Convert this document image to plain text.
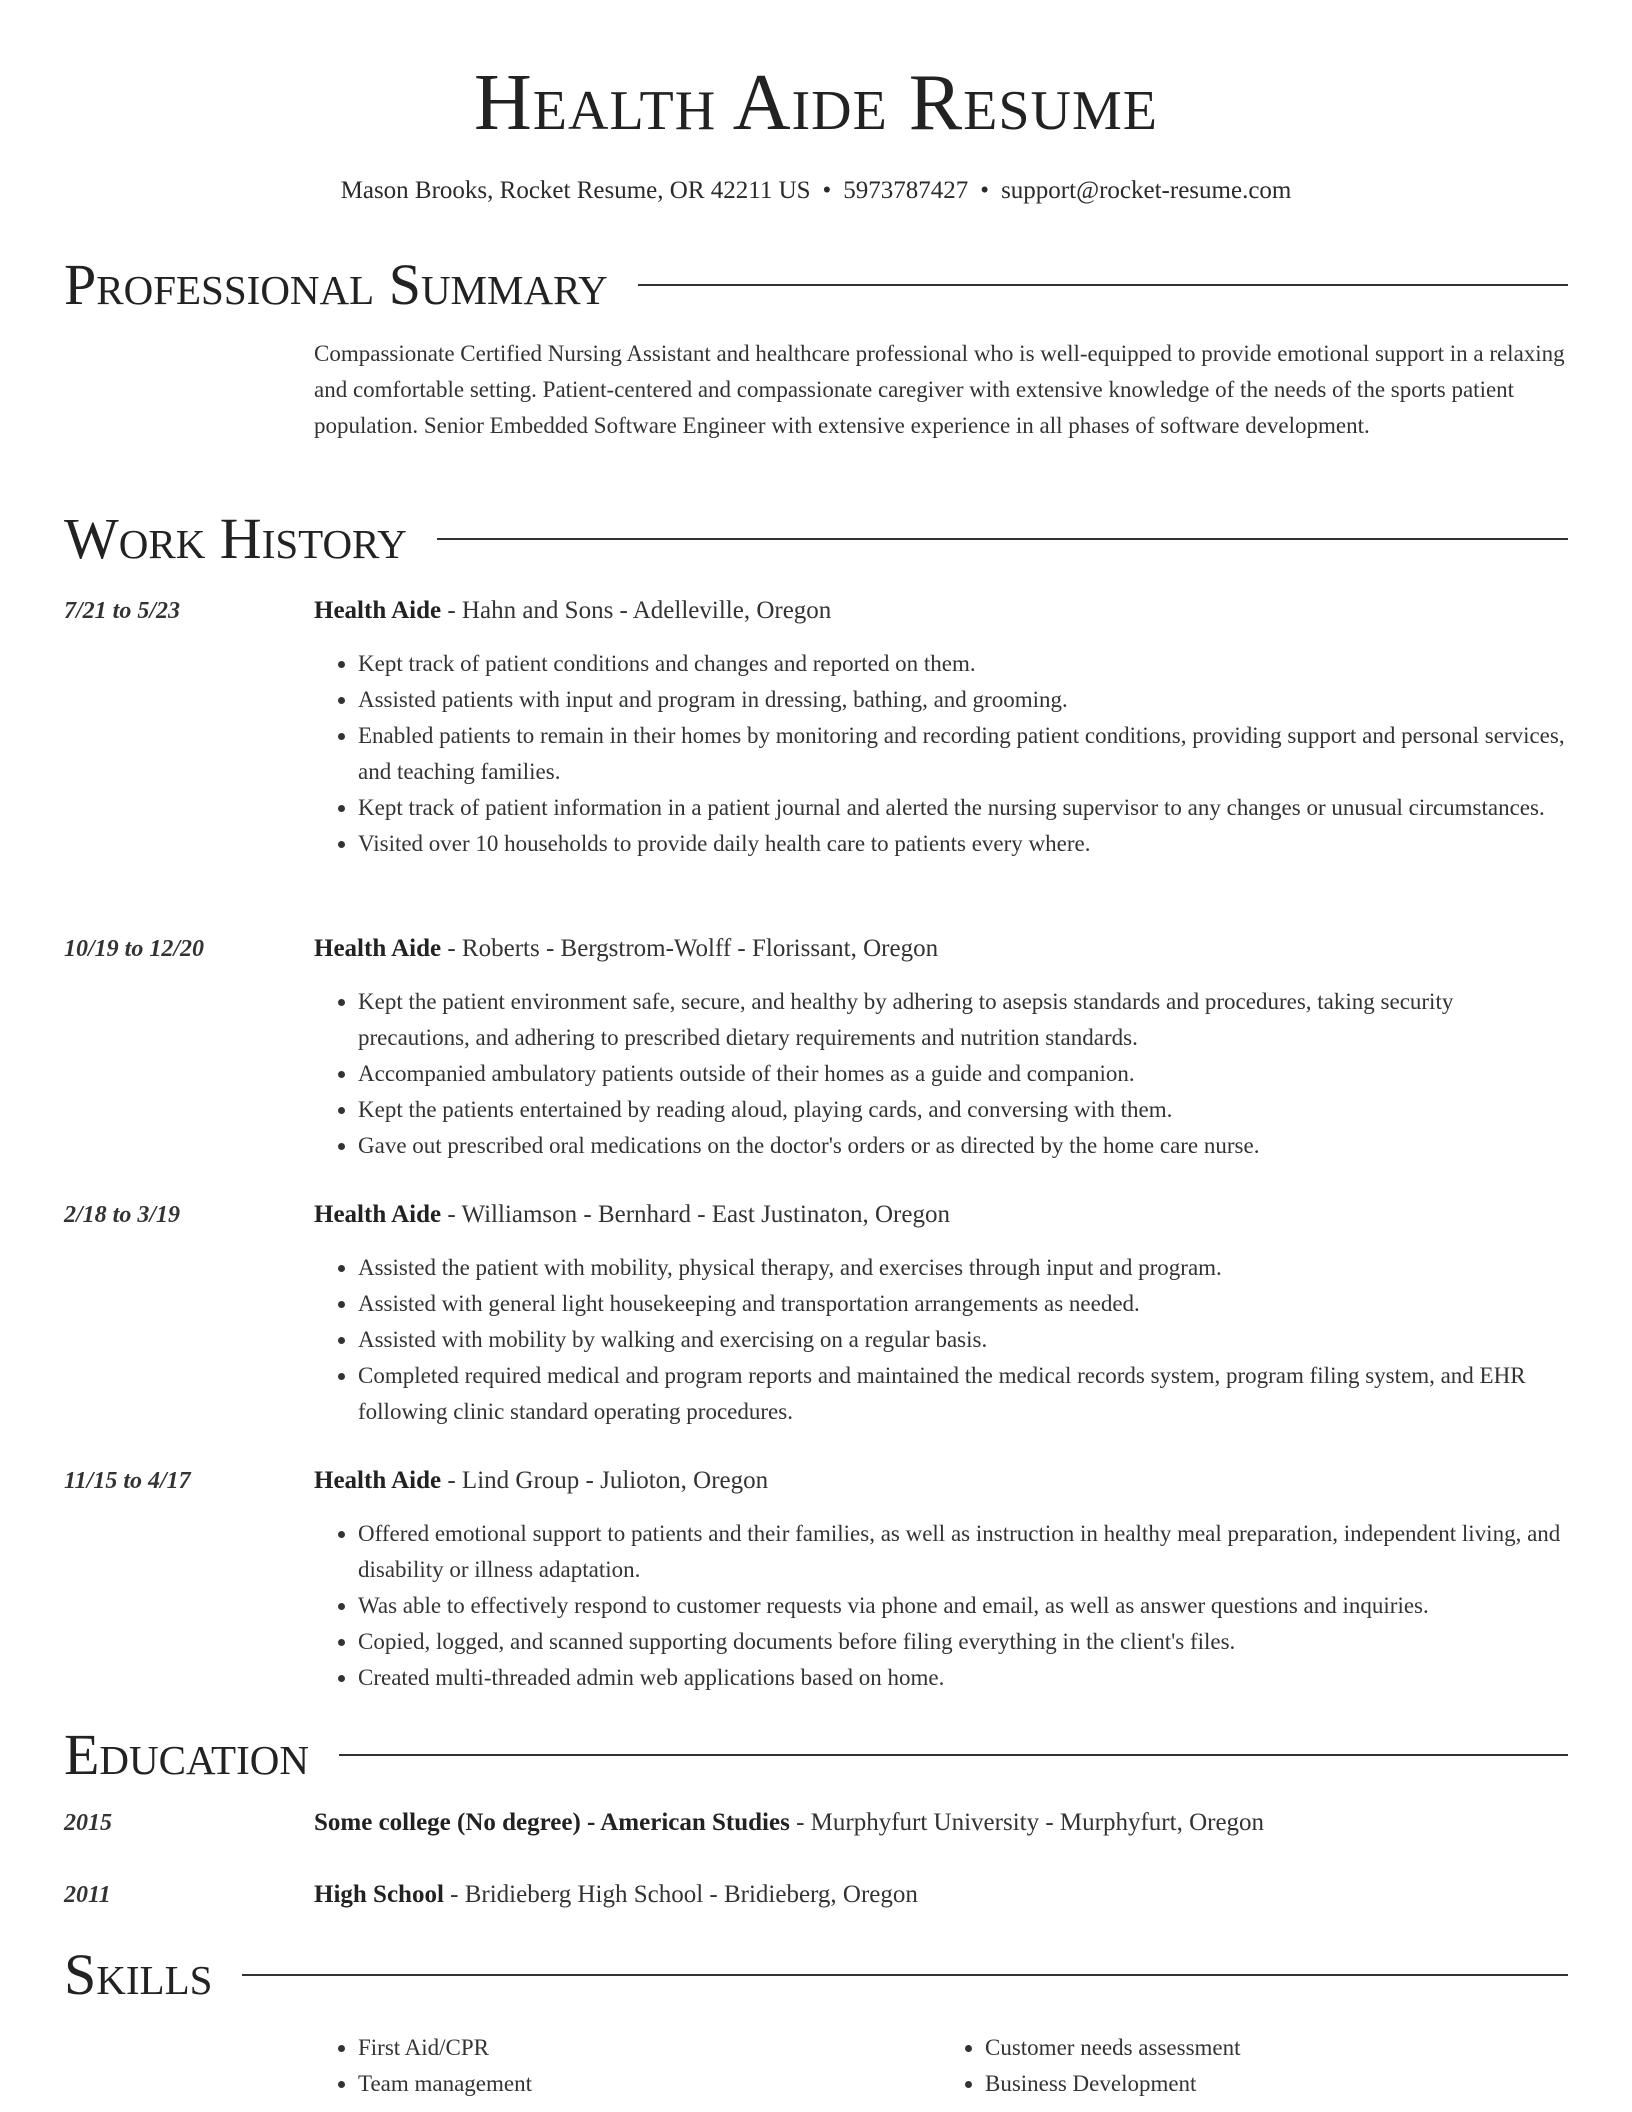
Health Aide Resume
Mason Brooks, Rocket Resume, OR 42211 US • 5973787427 • support@rocket-resume.com
Professional Summary
Compassionate Certified Nursing Assistant and healthcare professional who is well-equipped to provide emotional support in a relaxing and comfortable setting. Patient-centered and compassionate caregiver with extensive knowledge of the needs of the sports patient population. Senior Embedded Software Engineer with extensive experience in all phases of software development.
Work History
7/21 to 5/23	Health Aide - Hahn and Sons - Adelleville, Oregon
• Kept track of patient conditions and changes and reported on them.
• Assisted patients with input and program in dressing, bathing, and grooming.
• Enabled patients to remain in their homes by monitoring and recording patient conditions, providing support and personal services, and teaching families.
• Kept track of patient information in a patient journal and alerted the nursing supervisor to any changes or unusual circumstances.
• Visited over 10 households to provide daily health care to patients every where.
10/19 to 12/20	Health Aide - Roberts - Bergstrom-Wolff - Florissant, Oregon
• Kept the patient environment safe, secure, and healthy by adhering to asepsis standards and procedures, taking security precautions, and adhering to prescribed dietary requirements and nutrition standards.
• Accompanied ambulatory patients outside of their homes as a guide and companion.
• Kept the patients entertained by reading aloud, playing cards, and conversing with them.
• Gave out prescribed oral medications on the doctor's orders or as directed by the home care nurse.
2/18 to 3/19	Health Aide - Williamson - Bernhard - East Justinaton, Oregon
• Assisted the patient with mobility, physical therapy, and exercises through input and program.
• Assisted with general light housekeeping and transportation arrangements as needed.
• Assisted with mobility by walking and exercising on a regular basis.
• Completed required medical and program reports and maintained the medical records system, program filing system, and EHR following clinic standard operating procedures.
11/15 to 4/17	Health Aide - Lind Group - Julioton, Oregon
• Offered emotional support to patients and their families, as well as instruction in healthy meal preparation, independent living, and disability or illness adaptation.
• Was able to effectively respond to customer requests via phone and email, as well as answer questions and inquiries.
• Copied, logged, and scanned supporting documents before filing everything in the client's files.
• Created multi-threaded admin web applications based on home.
Education
2015	Some college (No degree) - American Studies - Murphyfurt University - Murphyfurt, Oregon
2011	High School - Bridieberg High School - Bridieberg, Oregon
Skills
• First Aid/CPR
• Team management
• Customer needs assessment
• Business Development
